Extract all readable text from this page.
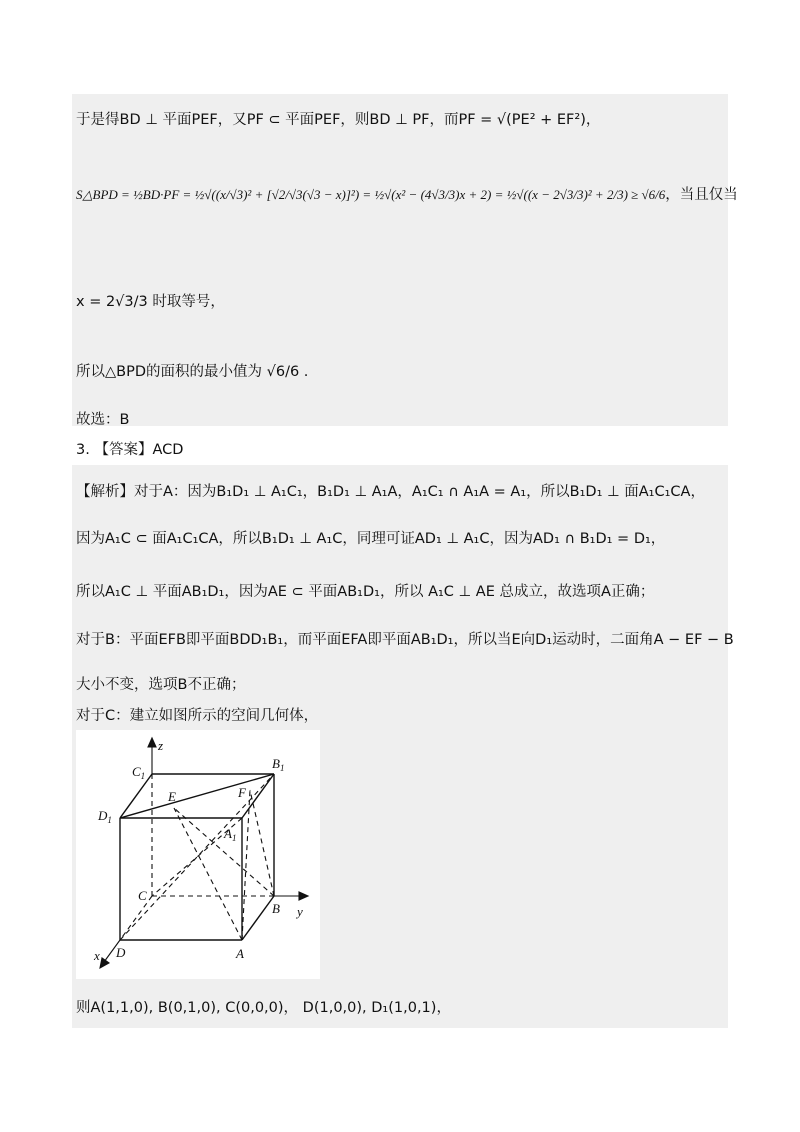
于是得BD ⊥ 平面PEF，又PF ⊂ 平面PEF，则BD ⊥ PF，而PF = √(PE² + EF²)，
S△BPD = ½BD·PF = ½√((x/√3)² + [√2/√3(√3 − x)]²) = ½√(x² − (4√3/3)x + 2) = ½√((x − 2√3/3)² + 2/3) ≥ √6/6，当且仅当
x = 2√3/3 时取等号，
所以△BPD的面积的最小值为 √6/6 .
故选：B
3. 【答案】ACD
【解析】对于A：因为B₁D₁ ⊥ A₁C₁，B₁D₁ ⊥ A₁A，A₁C₁ ∩ A₁A = A₁，所以B₁D₁ ⊥ 面A₁C₁CA，
因为A₁C ⊂ 面A₁C₁CA，所以B₁D₁ ⊥ A₁C，同理可证AD₁ ⊥ A₁C，因为AD₁ ∩ B₁D₁ = D₁，
所以A₁C ⊥ 平面AB₁D₁，因为AE ⊂ 平面AB₁D₁，所以 A₁C ⊥ AE 总成立，故选项A正确；
对于B：平面EFB即平面BDD₁B₁，而平面EFA即平面AB₁D₁，所以当E向D₁运动时，二面角A − EF − B
大小不变，选项B不正确；
对于C：建立如图所示的空间几何体，
z
y
x
$C_1$
$B_1$
$D_1$
$A_1$
E	F
C
B
D	A
则A(1,1,0), B(0,1,0), C(0,0,0)， D(1,0,0), D₁(1,0,1)，
